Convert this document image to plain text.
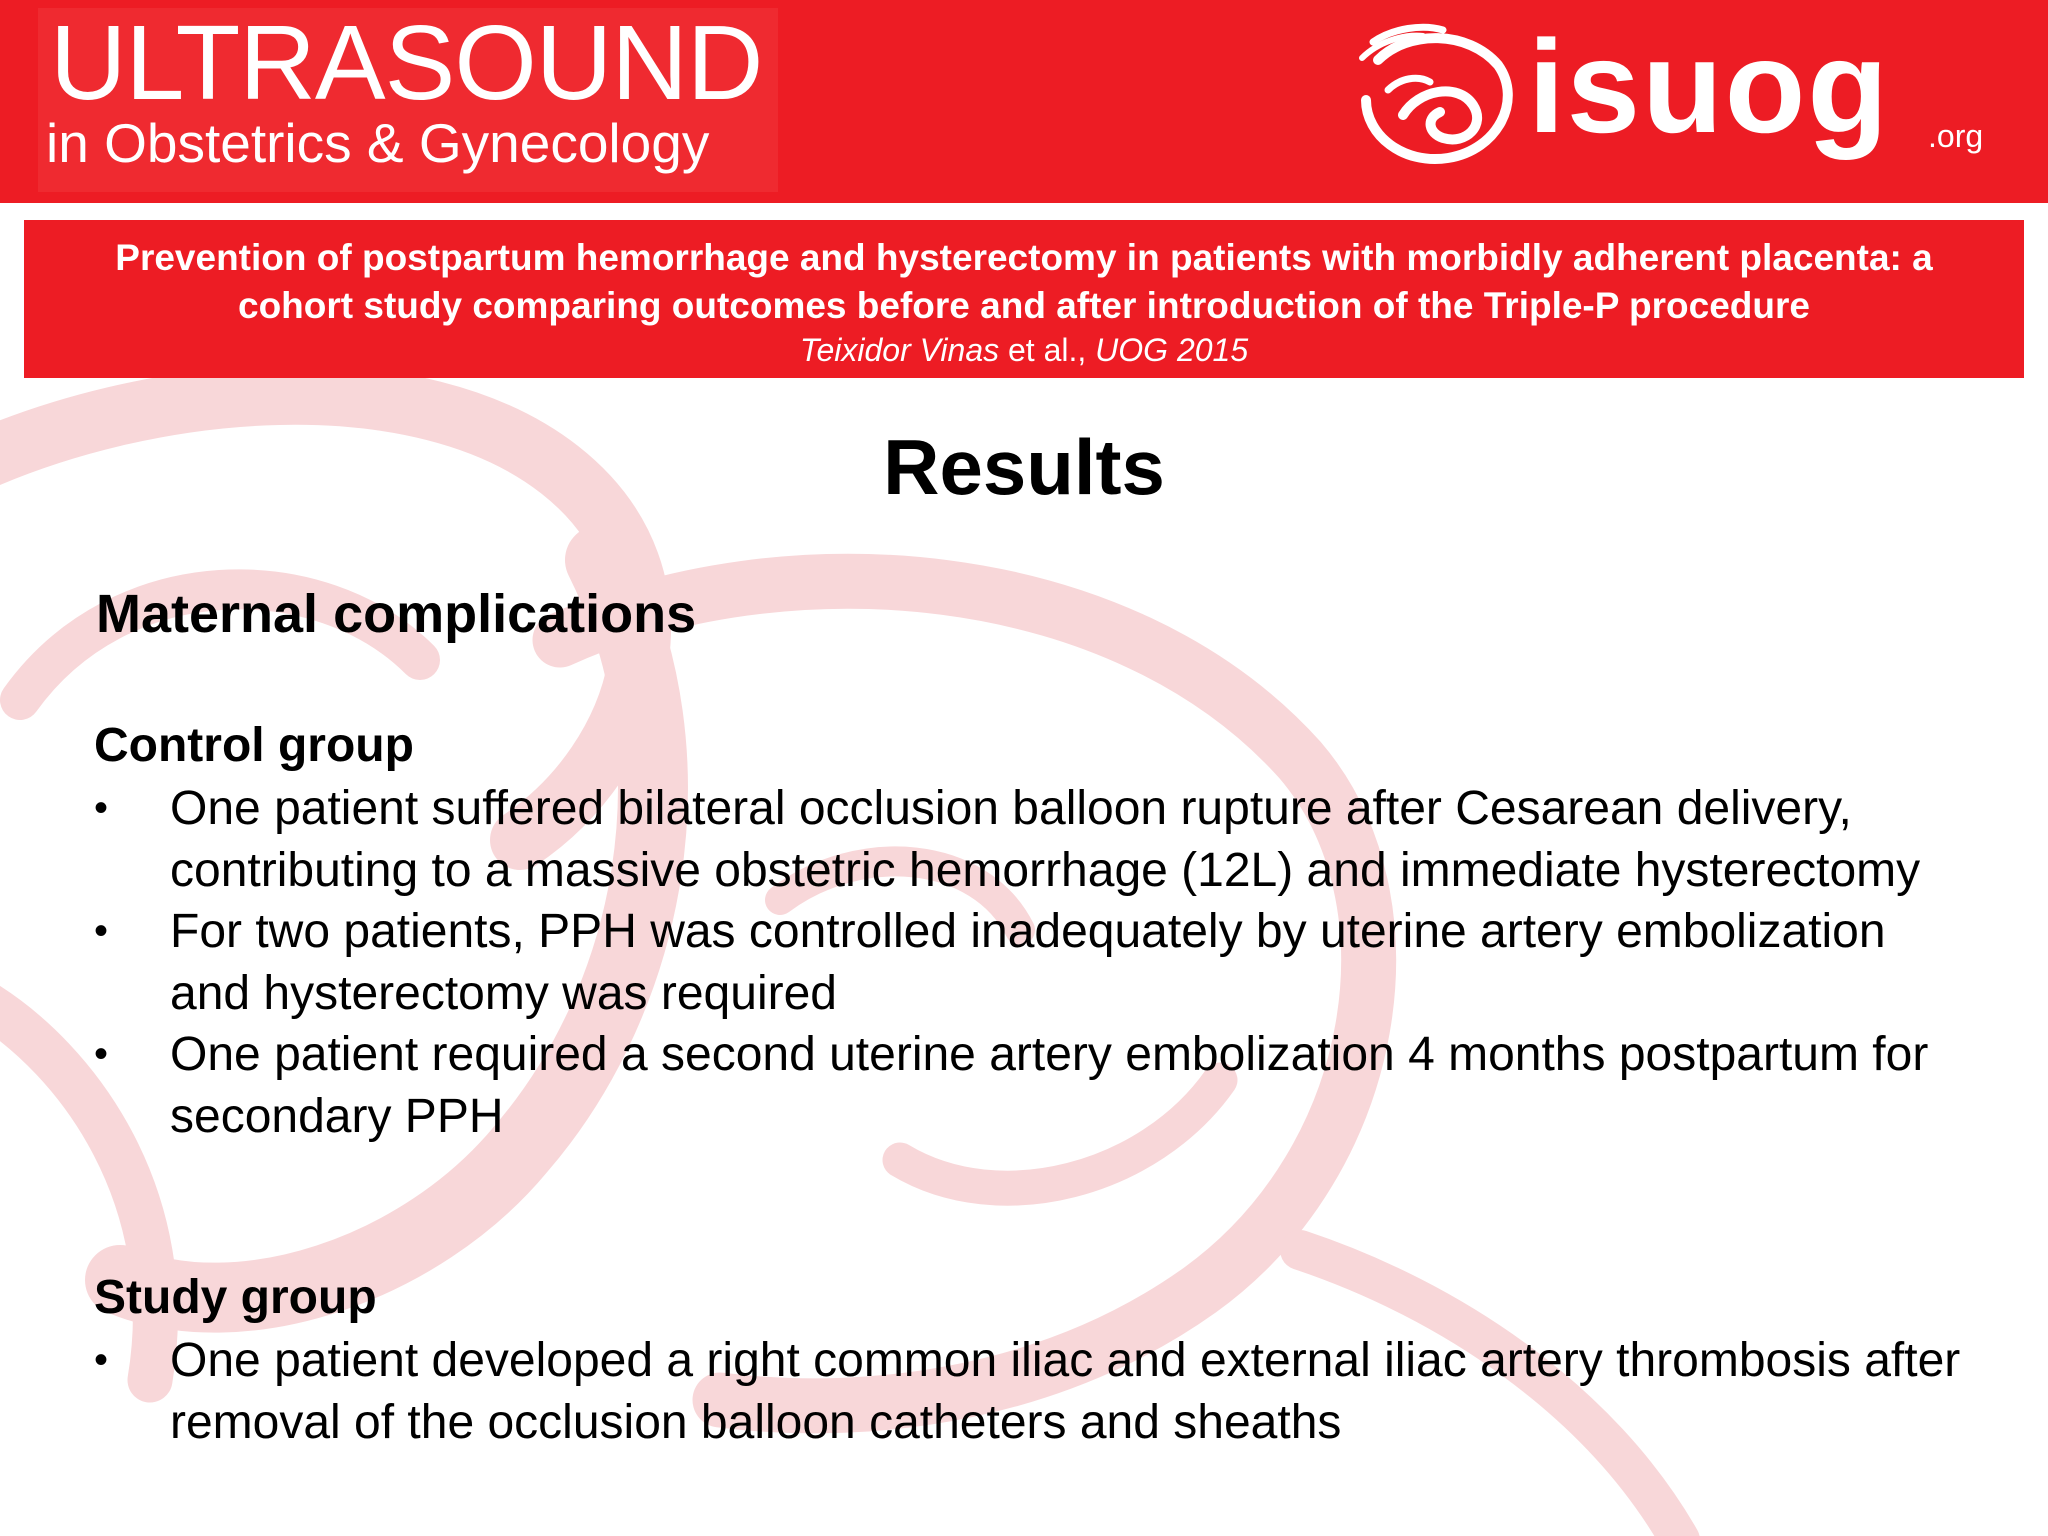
ULTRASOUND
in Obstetrics & Gynecology	isuog .org
Prevention of postpartum hemorrhage and hysterectomy in patients with morbidly adherent placenta: a cohort study comparing outcomes before and after introduction of the Triple-P procedure
Teixidor Vinas et al., UOG 2015
Results
Maternal complications
Control group
• One patient suffered bilateral occlusion balloon rupture after Cesarean delivery, contributing to a massive obstetric hemorrhage (12L) and immediate hysterectomy
• For two patients, PPH was controlled inadequately by uterine artery embolization and hysterectomy was required
• One patient required a second uterine artery embolization 4 months postpartum for secondary PPH
Study group
• One patient developed a right common iliac and external iliac artery thrombosis after removal of the occlusion balloon catheters and sheaths
